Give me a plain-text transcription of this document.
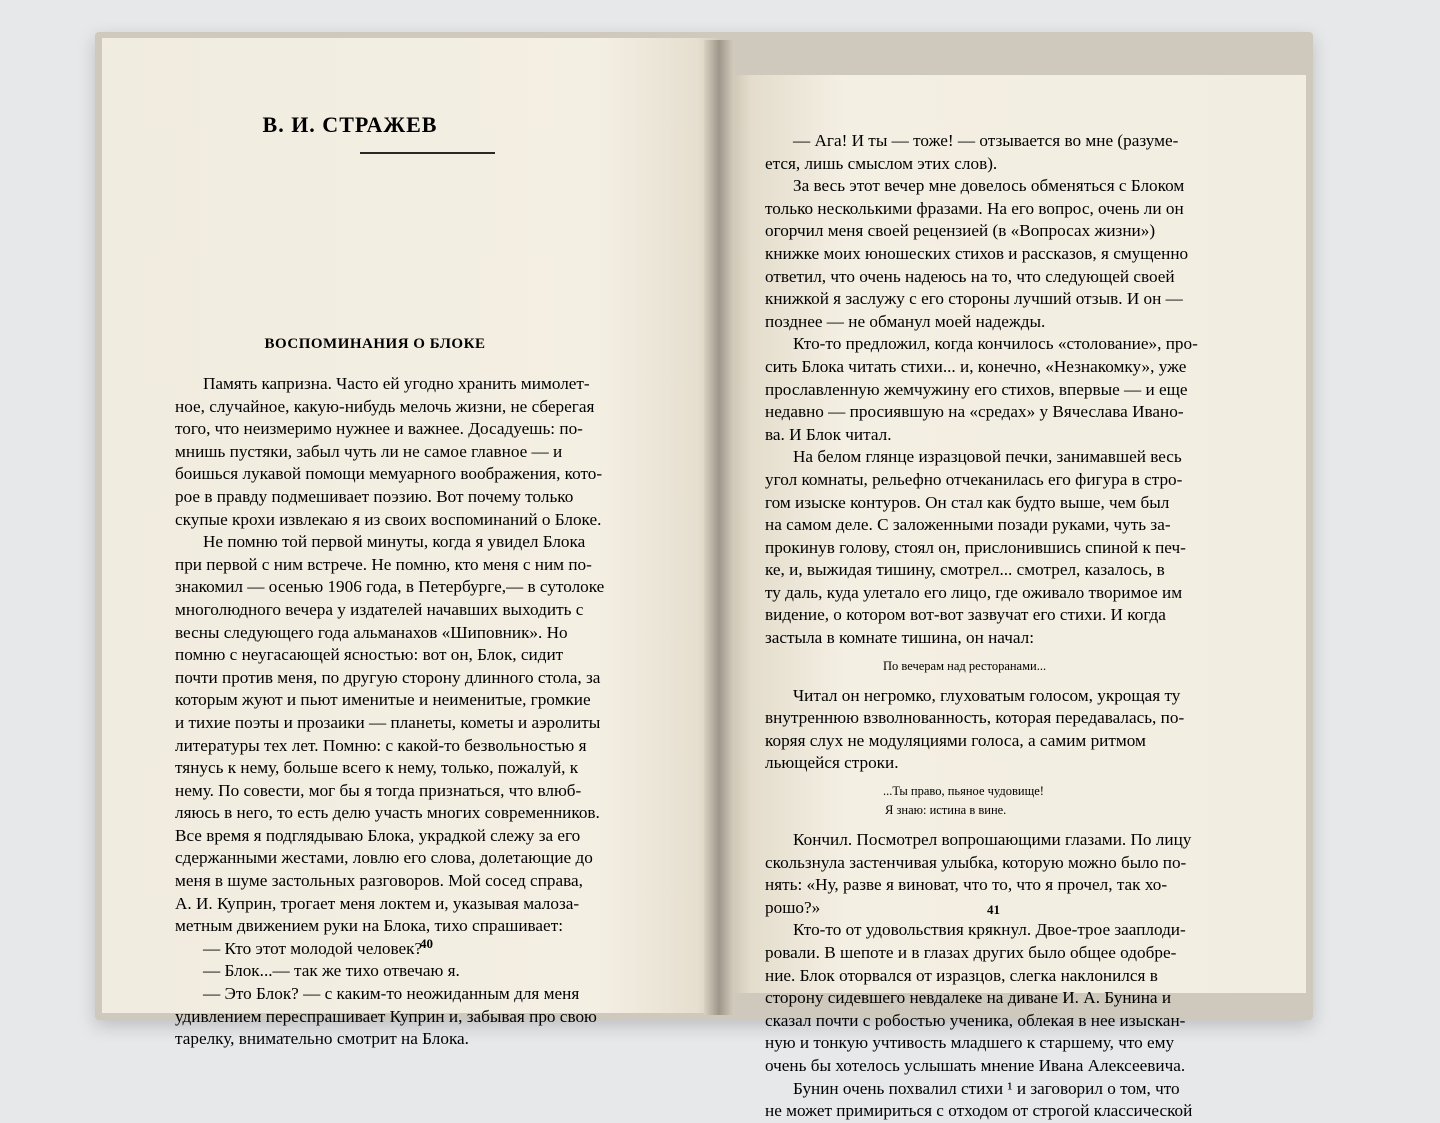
В. И. СТРАЖЕВ
ВОСПОМИНАНИЯ О БЛОКЕ
Память капризна. Часто ей угодно хранить мимолет-
ное, случайное, какую-нибудь мелочь жизни, не сберегая
того, что неизмеримо нужнее и важнее. Досадуешь: по-
мнишь пустяки, забыл чуть ли не самое главное — и
боишься лукавой помощи мемуарного воображения, кото-
рое в правду подмешивает поэзию. Вот почему только
скупые крохи извлекаю я из своих воспоминаний о Блоке.
Не помню той первой минуты, когда я увидел Блока
при первой с ним встрече. Не помню, кто меня с ним по-
знакомил — осенью 1906 года, в Петербурге,— в сутолоке
многолюдного вечера у издателей начавших выходить с
весны следующего года альманахов «Шиповник». Но
помню с неугасающей ясностью: вот он, Блок, сидит
почти против меня, по другую сторону длинного стола, за
которым жуют и пьют именитые и неименитые, громкие
и тихие поэты и прозаики — планеты, кометы и аэролиты
литературы тех лет. Помню: с какой-то безвольностью я
тянусь к нему, больше всего к нему, только, пожалуй, к
нему. По совести, мог бы я тогда признаться, что влюб-
ляюсь в него, то есть делю участь многих современников.
Все время я подглядываю Блока, украдкой слежу за его
сдержанными жестами, ловлю его слова, долетающие до
меня в шуме застольных разговоров. Мой сосед справа,
А. И. Куприн, трогает меня локтем и, указывая малоза-
метным движением руки на Блока, тихо спрашивает:
— Кто этот молодой человек?
— Блок...— так же тихо отвечаю я.
— Это Блок? — с каким-то неожиданным для меня
удивлением переспрашивает Куприн и, забывая про свою
тарелку, внимательно смотрит на Блока.
— Ага! И ты — тоже! — отзывается во мне (разуме-
ется, лишь смыслом этих слов).
За весь этот вечер мне довелось обменяться с Блоком
только несколькими фразами. На его вопрос, очень ли он
огорчил меня своей рецензией (в «Вопросах жизни»)
книжке моих юношеских стихов и рассказов, я смущенно
ответил, что очень надеюсь на то, что следующей своей
книжкой я заслужу с его стороны лучший отзыв. И он —
позднее — не обманул моей надежды.
Кто-то предложил, когда кончилось «столование», про-
сить Блока читать стихи... и, конечно, «Незнакомку», уже
прославленную жемчужину его стихов, впервые — и еще
недавно — просиявшую на «средах» у Вячеслава Ивано-
ва. И Блок читал.
На белом глянце изразцовой печки, занимавшей весь
угол комнаты, рельефно отчеканилась его фигура в стро-
гом изыске контуров. Он стал как будто выше, чем был
на самом деле. С заложенными позади руками, чуть за-
прокинув голову, стоял он, прислонившись спиной к печ-
ке, и, выжидая тишину, смотрел... смотрел, казалось, в
ту даль, куда улетало его лицо, где оживало творимое им
видение, о котором вот-вот зазвучат его стихи. И когда
застыла в комнате тишина, он начал:
По вечерам над ресторанами...
Читал он негромко, глуховатым голосом, укрощая ту
внутреннюю взволнованность, которая передавалась, по-
коряя слух не модуляциями голоса, а самим ритмом
льющейся строки.
...Ты право, пьяное чудовище!
Я знаю: истина в вине.
Кончил. Посмотрел вопрошающими глазами. По лицу
скользнула застенчивая улыбка, которую можно было по-
нять: «Ну, разве я виноват, что то, что я прочел, так хо-
рошо?»
Кто-то от удовольствия крякнул. Двое-трое зааплоди-
ровали. В шепоте и в глазах других было общее одобре-
ние. Блок оторвался от изразцов, слегка наклонился в
сторону сидевшего невдалеке на диване И. А. Бунина и
сказал почти с робостью ученика, облекая в нее изыскан-
ную и тонкую учтивость младшего к старшему, что ему
очень бы хотелось услышать мнение Ивана Алексеевича.
Бунин очень похвалил стихи ¹ и заговорил о том, что
не может примириться с отходом от строгой классической
40
41
